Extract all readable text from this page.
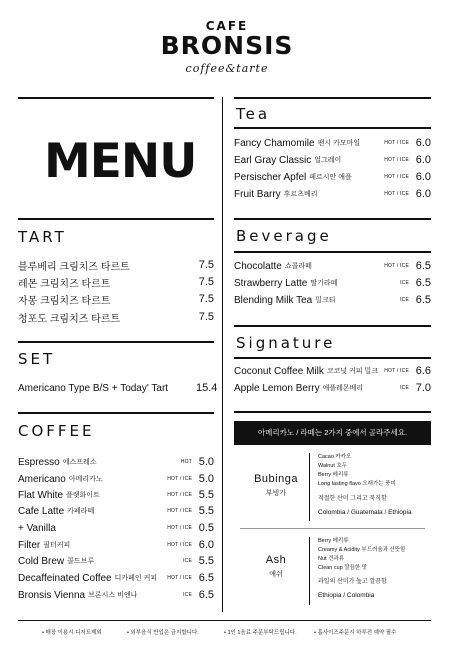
CAFE
BRONSIS
coffee&tarte
MENU
TART
블루베리 크림치즈 타르트	7.5
레몬 크림치즈 타르트	7.5
자몽 크림치즈 타르트	7.5
청포도 크림치즈 타르트	7.5
SET
Americano Type B/S + Today' Tart	15.4
COFFEE
Espresso 에스프레소	HOT 5.0
Americano 아메리카노	HOT / ICE 5.0
Flat White 플랫화이트	HOT / ICE 5.5
Cafe Latte 카페라떼	HOT / ICE 5.5
+ Vanilla	HOT / ICE 0.5
Filter 필터커피	HOT / ICE 6.0
Cold Brew 콜드브루	ICE 5.5
Decaffeinated Coffee 디카페인 커피 HOT / ICE 6.5
Bronsis Vienna 브론시스 비엔나	ICE 6.5
Tea
Fancy Chamomile 팬시 카모마일	HOT / ICE 6.0
Earl Gray Classic 얼그레이	HOT / ICE 6.0
Persischer Apfel 페르시안 애플	HOT / ICE 6.0
Fruit Barry 후르츠베리	HOT / ICE 6.0
Beverage
Chocolatte 쇼콜라떼	HOT / ICE 6.5
Strawberry Latte 딸기라떼	ICE 6.5
Blending Milk Tea 밀크티	ICE 6.5
Signature
Coconut Coffee Milk 코코넛 커피 밀크 HOT / ICE 6.6
Apple Lemon Berry 애플레몬베리	ICE 7.0
아메리카노 / 라떼는 2가지 중에서 골라주세요.
Bubinga
부빙가
Cacao 카카오
Walnut 호두
Berry 베리류
Long lasting flavo 오래가는 풍미
적절한 산미 그리고 묵직함
Colombia / Guatemala / Ethiopia
Ash
애쉬
Berry 베리류
Creamy & Acidity 부드러움과 산뜻함
Nut 견과류
Clean cup 깔끔한 맛
과일의 산미가 높고 깔끔함
Ethiopia / Colombia
• 매장 이용시 디저트제외	• 외부음식 반입은 금지합니다.	• 1인 1음료 주문부탁드립니다.	• 흡사이즈주문시 하루전 예약 필수
